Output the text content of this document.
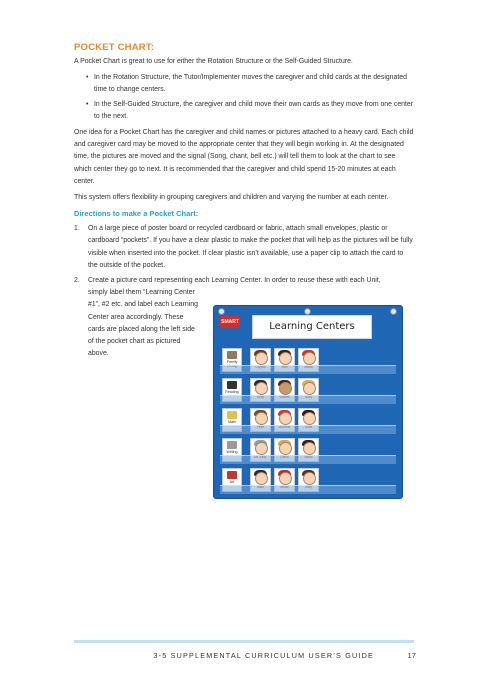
POCKET CHART:

A Pocket Chart is great to use for either the Rotation Structure or the Self-Guided Structure.

• In the Rotation Structure, the Tutor/Implementer moves the caregiver and child cards at the designated time to change centers.
• In the Self-Guided Structure, the caregiver and child move their own cards as they move from one center to the next.

One idea for a Pocket Chart has the caregiver and child names or pictures attached to a heavy card. Each child and caregiver card may be moved to the appropriate center that they will begin working in. At the designated time, the pictures are moved and the signal (Song, chant, bell etc.) will tell them to look at the chart to see which center they go to next. It is recommended that the caregiver and child spend 15-20 minutes at each center.

This system offers flexibility in grouping caregivers and children and varying the number at each center.

Directions to make a Pocket Chart:
1. On a large piece of poster board or recycled cardboard or fabric, attach small envelopes, plastic or cardboard “pockets”. If you have a clear plastic to make the pocket that will help as the pictures will be fully visible when inserted into the pocket. If clear plastic isn’t available, use a paper clip to attach the card to the outside of the pocket.
2. Create a picture card representing each Learning Center. In order to reuse these with each Unit,
simply label them “Learning Center #1”, #2 etc. and label each Learning Center area accordingly. These cards are placed along the left side of the pocket chart as pictured above.
SMART	Learning Centers
Family
Reading
Math
Writing
Art
3-5 SUPPLEMENTAL CURRICULUM USER’S GUIDE	17
